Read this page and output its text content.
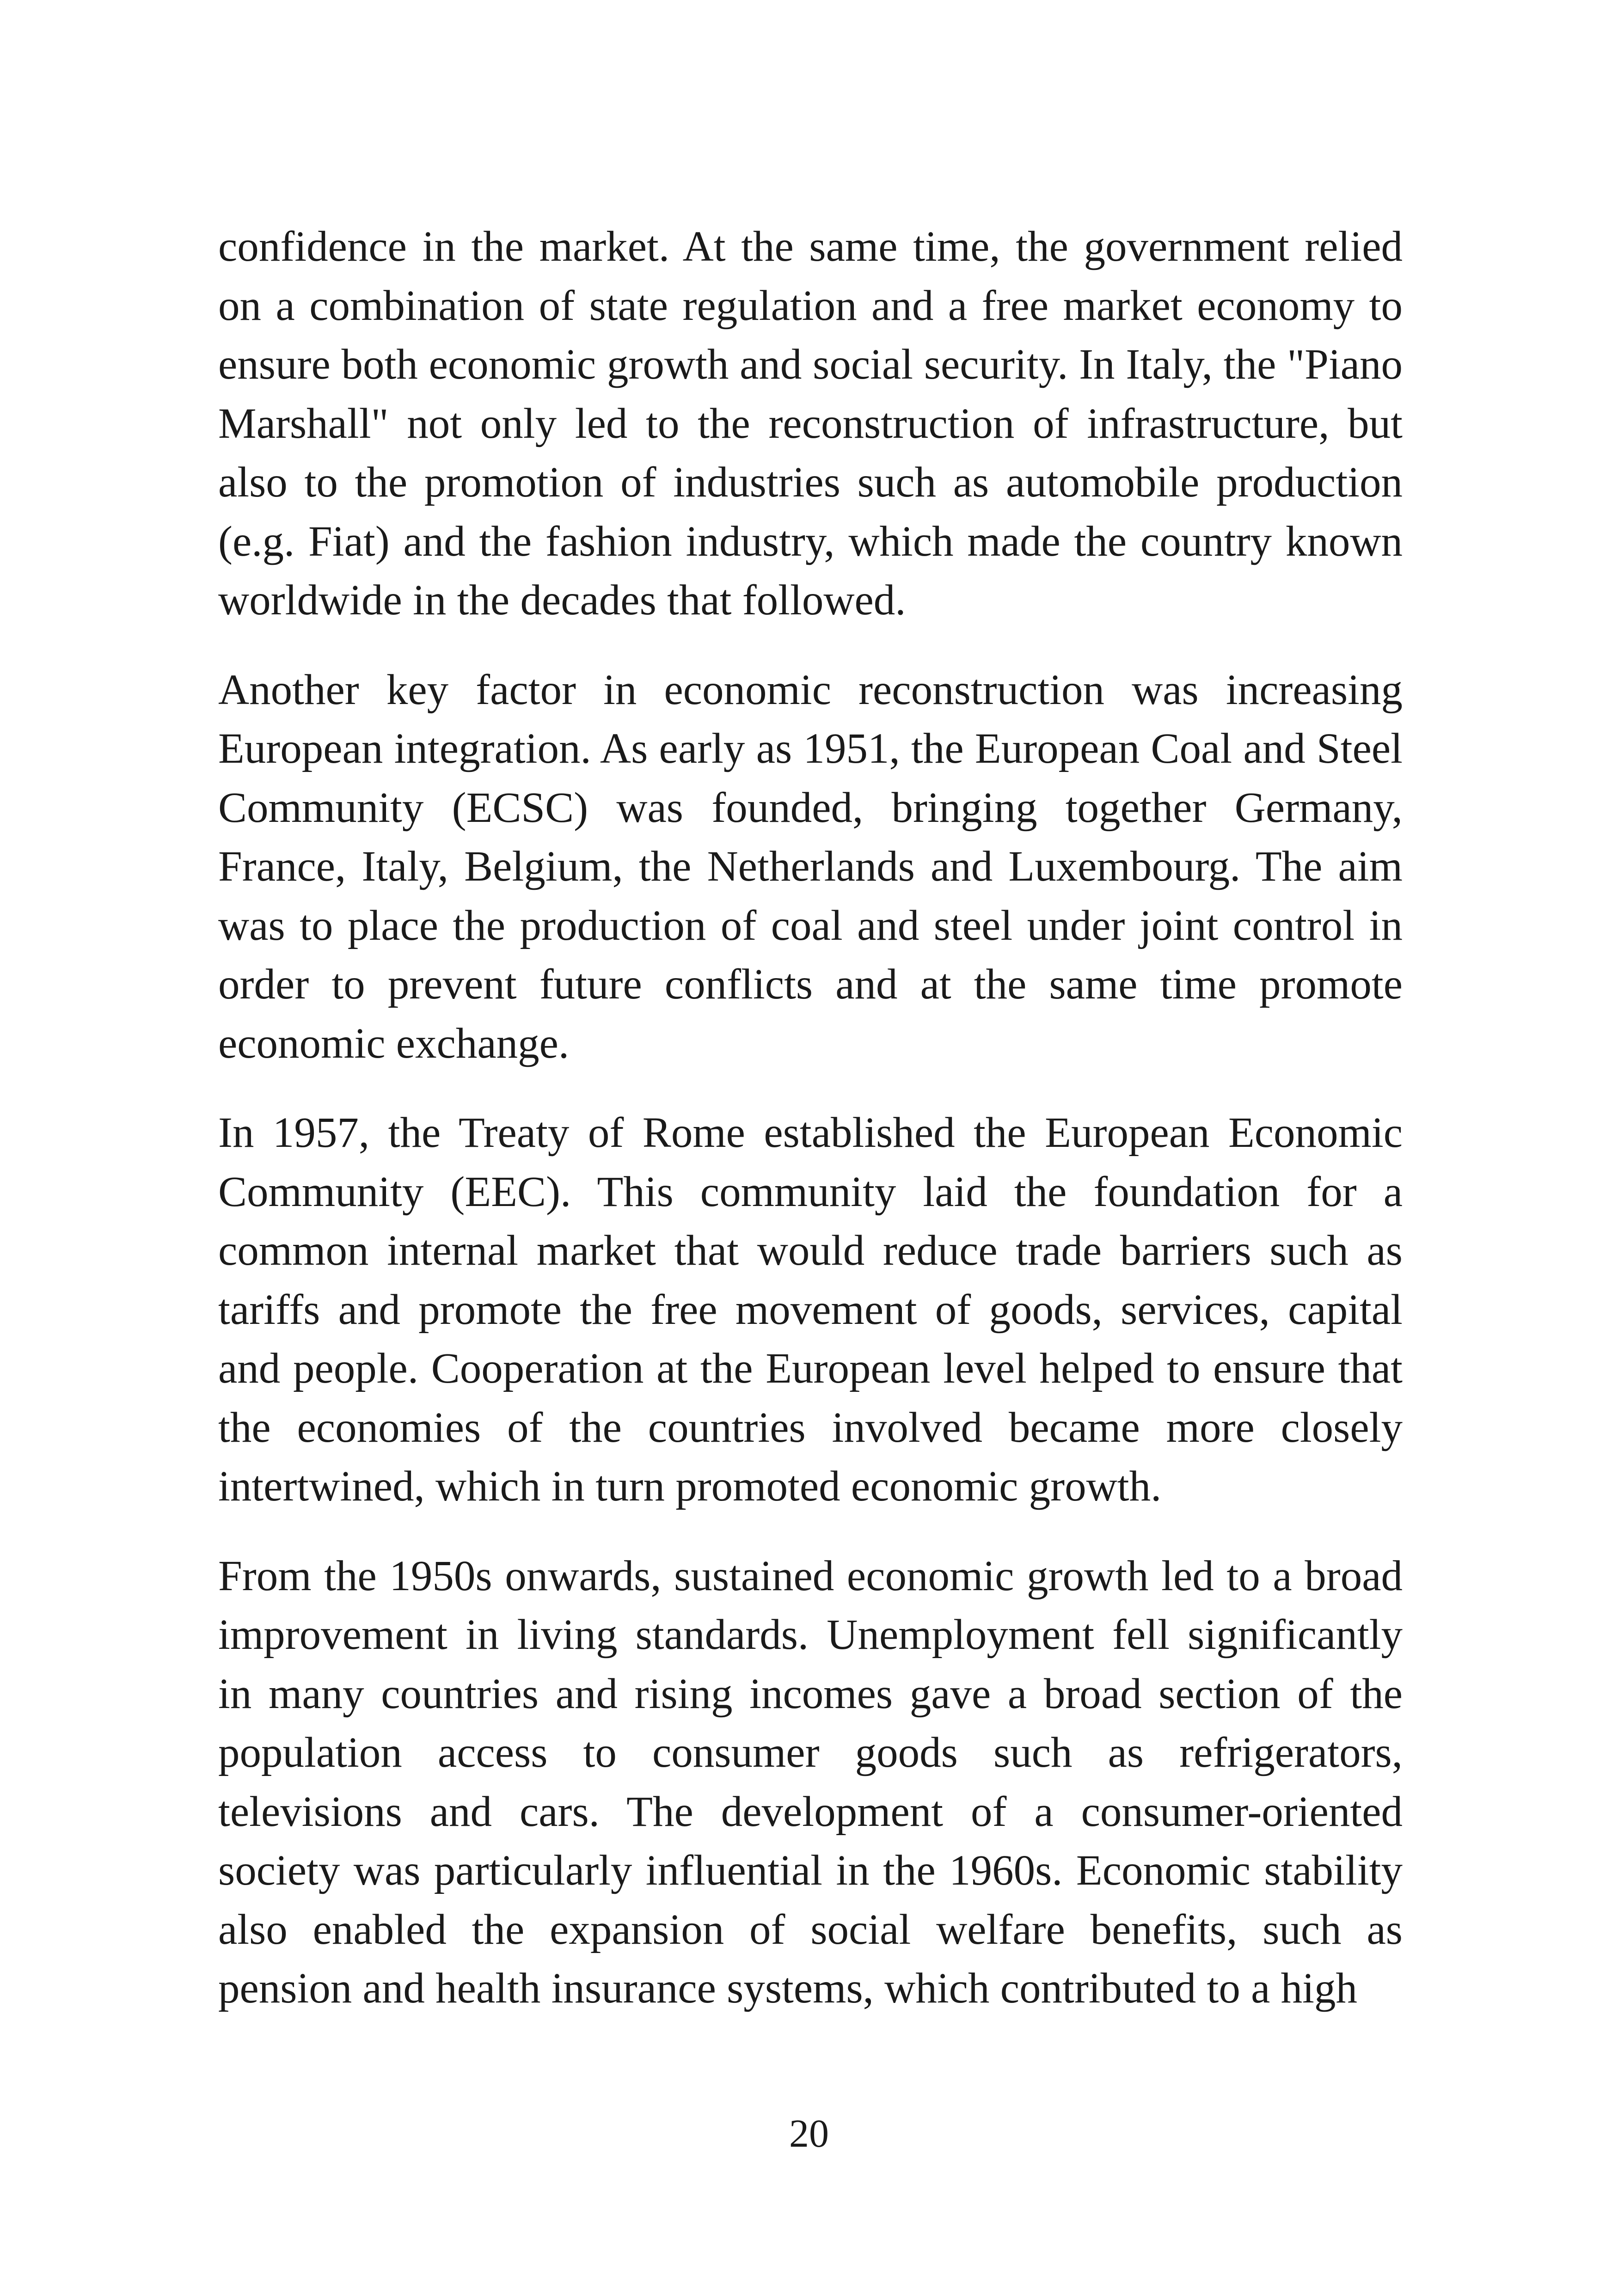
confidence in the market. At the same time, the government relied on a combination of state regulation and a free market economy to ensure both economic growth and social security. In Italy, the "Piano Marshall" not only led to the reconstruction of infrastructure, but also to the promotion of industries such as automobile production (e.g. Fiat) and the fashion industry, which made the country known worldwide in the decades that followed.

Another key factor in economic reconstruction was increasing European integration. As early as 1951, the European Coal and Steel Community (ECSC) was founded, bringing together Germany, France, Italy, Belgium, the Netherlands and Luxembourg. The aim was to place the production of coal and steel under joint control in order to prevent future conflicts and at the same time promote economic exchange.

In 1957, the Treaty of Rome established the European Economic Community (EEC). This community laid the foundation for a common internal market that would reduce trade barriers such as tariffs and promote the free movement of goods, services, capital and people. Cooperation at the European level helped to ensure that the economies of the countries involved became more closely intertwined, which in turn promoted economic growth.

From the 1950s onwards, sustained economic growth led to a broad improvement in living standards. Unemployment fell significantly in many countries and rising incomes gave a broad section of the population access to consumer goods such as refrigerators, televisions and cars. The development of a consumer-oriented society was particularly influential in the 1960s. Economic stability also enabled the expansion of social welfare benefits, such as pension and health insurance systems, which contributed to a high

20
